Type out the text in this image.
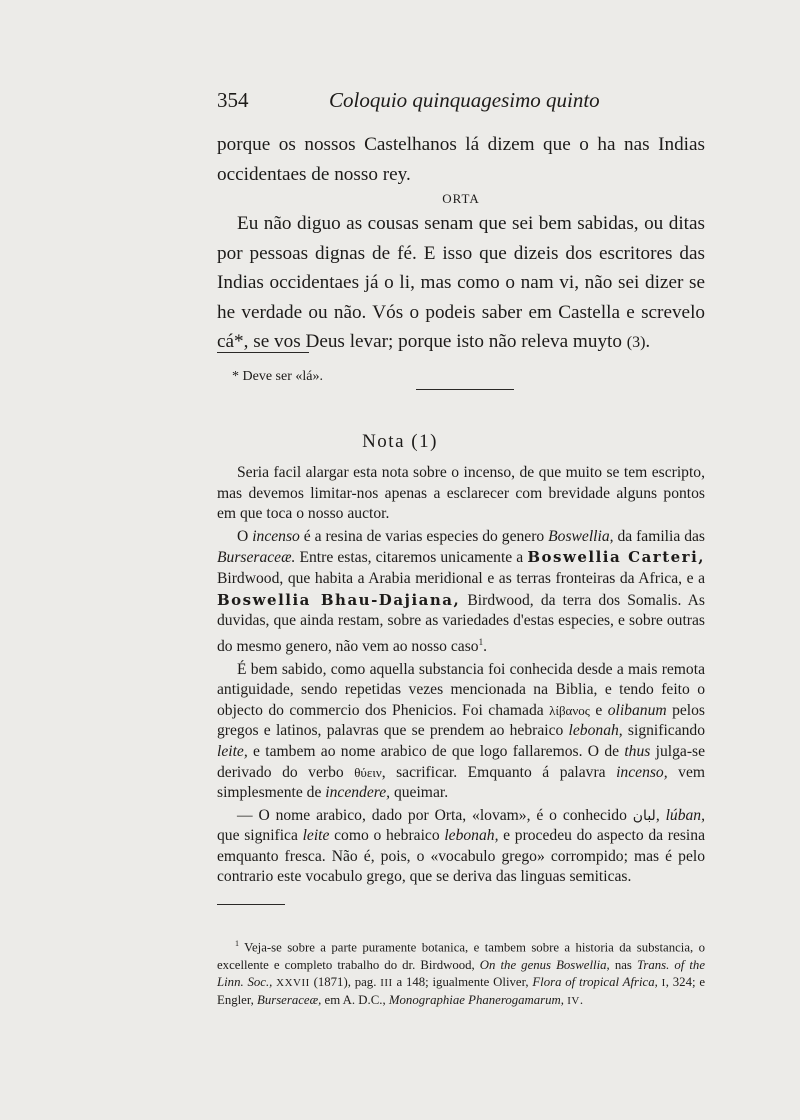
354	Coloquio quinquagesimo quinto

porque os nossos Castelhanos lá dizem que o ha nas Indias occidentaes de nosso rey.

ORTA

Eu não diguo as cousas senam que sei bem sabidas, ou ditas por pessoas dignas de fé. E isso que dizeis dos escritores das Indias occidentaes já o li, mas como o nam vi, não sei dizer se he verdade ou não. Vós o podeis saber em Castella e screvelo cá*, se vos Deus levar; porque isto não releva muyto (3).

* Deve ser «lá».
Nota (1)

Seria facil alargar esta nota sobre o incenso, de que muito se tem escripto, mas devemos limitar-nos apenas a esclarecer com brevidade alguns pontos em que toca o nosso auctor.

O incenso é a resina de varias especies do genero Boswellia, da familia das Burseraceæ. Entre estas, citaremos unicamente a Boswellia Carteri, Birdwood, que habita a Arabia meridional e as terras fronteiras da Africa, e a Boswellia Bhau-Dajiana, Birdwood, da terra dos Somalis. As duvidas, que ainda restam, sobre as variedades d'estas especies, e sobre outras do mesmo genero, não vem ao nosso caso$^1$.

É bem sabido, como aquella substancia foi conhecida desde a mais remota antiguidade, sendo repetidas vezes mencionada na Biblia, e tendo feito o objecto do commercio dos Phenicios. Foi chamada λίβανος e olibanum pelos gregos e latinos, palavras que se prendem ao hebraico lebonah, significando leite, e tambem ao nome arabico de que logo fallaremos. O de thus julga-se derivado do verbo θύειν, sacrificar. Emquanto á palavra incenso, vem simplesmente de incendere, queimar.

— O nome arabico, dado por Orta, «lovam», é o conhecido لبان, lúban, que significa leite como o hebraico lebonah, e procedeu do aspecto da resina emquanto fresca. Não é, pois, o «vocabulo grego» corrompido; mas é pelo contrario este vocabulo grego, que se deriva das linguas semiticas.

$^1$ Veja-se sobre a parte puramente botanica, e tambem sobre a historia da substancia, o excellente e completo trabalho do dr. Birdwood, On the genus Boswellia, nas Trans. of the Linn. Soc., XXVII (1871), pag. III a 148; igualmente Oliver, Flora of tropical Africa, I, 324; e Engler, Burseraceæ, em A. D.C., Monographiae Phanerogamarum, IV.
